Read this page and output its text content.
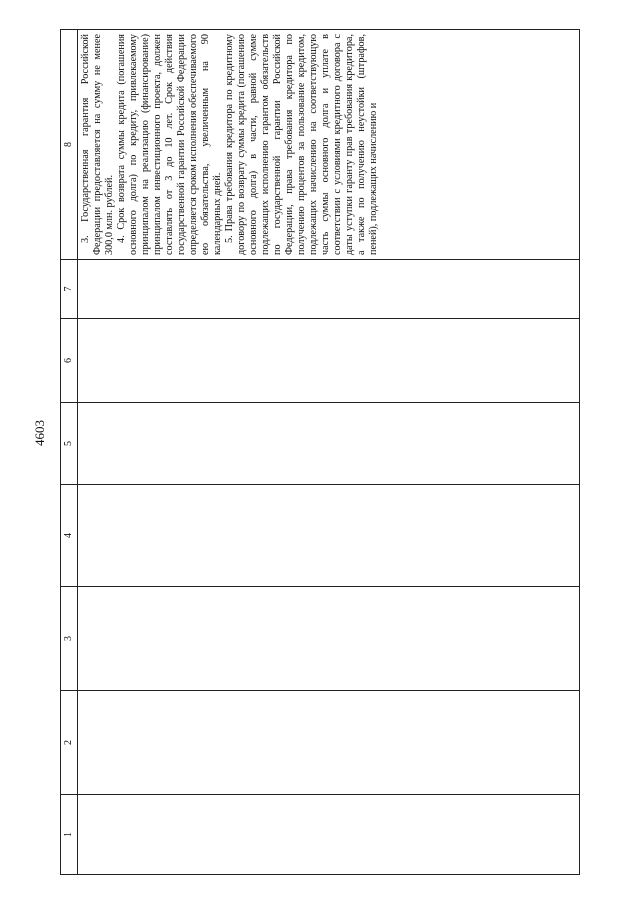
4603
1	2	3	4	5	6	7	8

							3. Государственная гарантия Российской Федерации предоставляется на сумму не менее 300,0 млн. рублей. 4. Срок возврата суммы кредита (погашения основного долга) по кредиту, привлекаемому принципалом на реализацию (финансирование) принципалом инвестиционного проекта, должен составлять от 3 до 10 лет. Срок действия государственной гарантии Российской Федерации определяется сроком исполнения обеспечиваемого ею обязательства, увеличенным на 90 календарных дней. 5. Права требования кредитора по кредитному договору по возврату суммы кредита (погашению основного долга) в части, равной сумме подлежащих исполнению гарантом обязательств по государственной гарантии Российской Федерации, права требования кредитора по получению процентов за пользование кредитом, подлежащих начислению на соответствующую часть суммы основного долга и уплате в соответствии с условиями кредитного договора с даты уступки гаранту прав требования кредитора, а также по получению неустойки (штрафов, пеней), подлежащих начислению и
